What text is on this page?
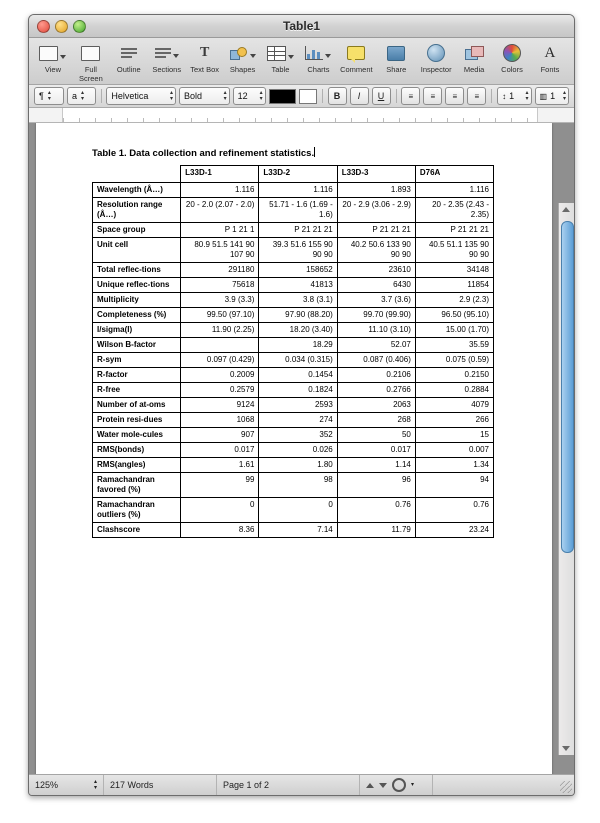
Table1
View	Full Screen
Outline	Sections
T
Text Box	Shapes	Table	Charts	Comment	Share	Inspector	Media	Colors
A
Fonts
¶ ▴
▾ a ▴
▾	Helvetica	▴
▾ Bold	▴
▾ 12 ▴
▾	B	I	U	≡ ≡ ≡ ≡	↕ 1 ▴
▾ ▥ 1 ▴
▾
Table 1. Data collection and refinement statistics.
	L33D-1	L33D-2	L33D-3	D76A
Wavelength (Å…)	1.116	1.116	1.893	1.116
Resolution range (Å…)	20 - 2.0 (2.07 - 2.0)	51.71 - 1.6 (1.69 - 1.6)	20 - 2.9 (3.06 - 2.9)	20 - 2.35 (2.43 - 2.35)
Space group	P 1 21 1	P 21 21 21	P 21 21 21	P 21 21 21
Unit cell	80.9 51.5 141 90 107 90	39.3 51.6 155 90 90 90	40.2 50.6 133 90 90 90	40.5 51.1 135 90 90 90
Total reflec-tions	291180	158652	23610	34148
Unique reflec-tions	75618	41813	6430	11854
Multiplicity	3.9 (3.3)	3.8 (3.1)	3.7 (3.6)	2.9 (2.3)
Completeness (%)	99.50 (97.10)	97.90 (88.20)	99.70 (99.90)	96.50 (95.10)
I/sigma(I)	11.90 (2.25)	18.20 (3.40)	11.10 (3.10)	15.00 (1.70)
Wilson B-factor		18.29	52.07	35.59
R-sym	0.097 (0.429)	0.034 (0.315)	0.087 (0.406)	0.075 (0.59)
R-factor	0.2009	0.1454	0.2106	0.2150
R-free	0.2579	0.1824	0.2766	0.2884
Number of at-oms	9124	2593	2063	4079
Protein resi-dues	1068	274	268	266
Water mole-cules	907	352	50	15
RMS(bonds)	0.017	0.026	0.017	0.007
RMS(angles)	1.61	1.80	1.14	1.34
Ramachandran favored (%)	99	98	96	94
Ramachandran outliers (%)	0	0	0.76	0.76
Clashscore	8.36	7.14	11.79	23.24
125%	▴
▾	217 Words	Page 1 of 2	▾
